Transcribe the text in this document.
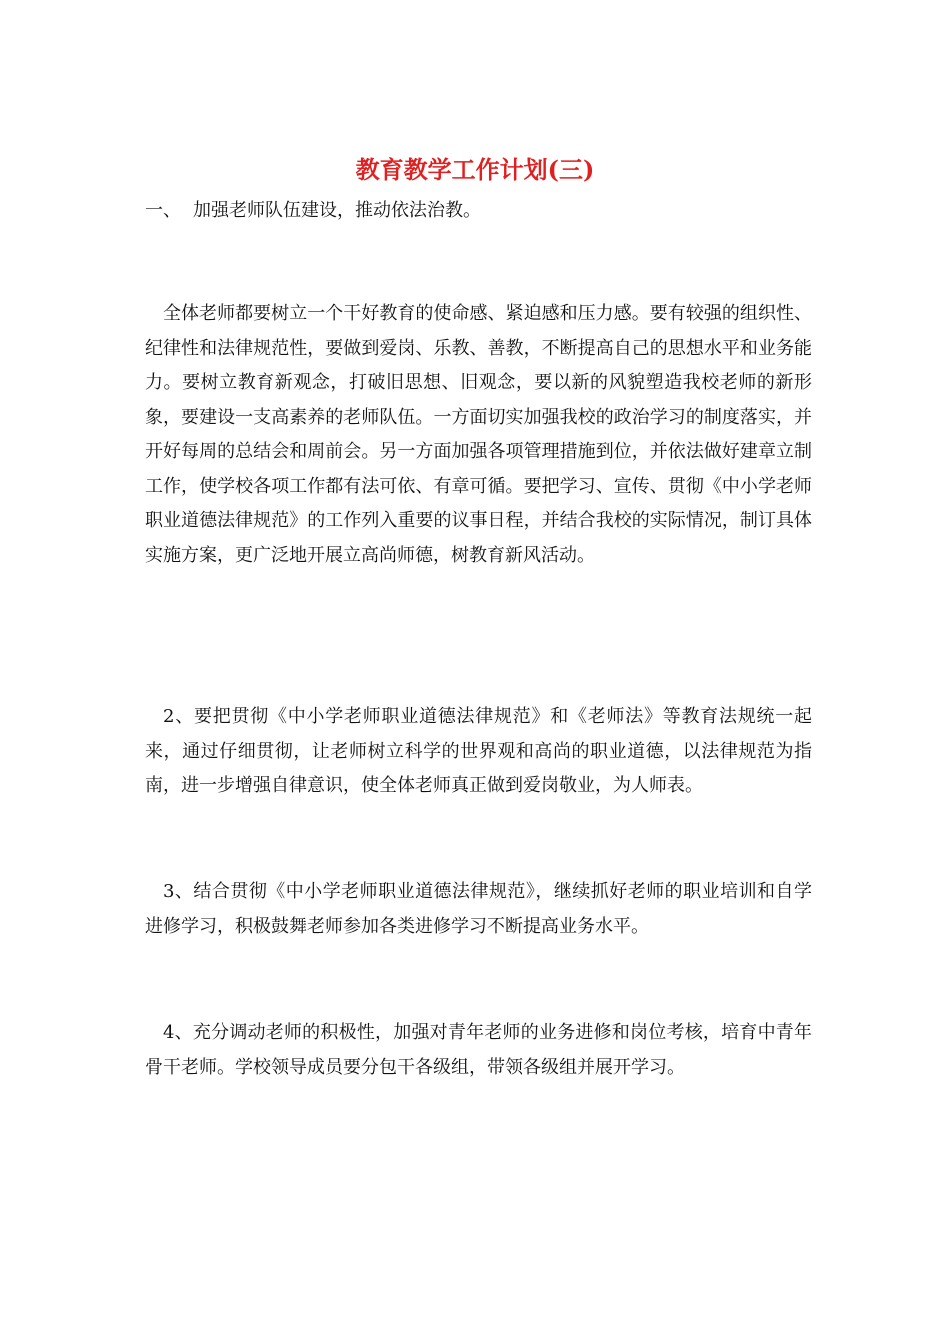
教育教学工作计划(三)

一、 加强老师队伍建设，推动依法治教。

全体老师都要树立一个干好教育的使命感、紧迫感和压力感。要有较强的组织性、纪律性和法律规范性，要做到爱岗、乐教、善教，不断提高自己的思想水平和业务能力。要树立教育新观念，打破旧思想、旧观念，要以新的风貌塑造我校老师的新形象，要建设一支高素养的老师队伍。一方面切实加强我校的政治学习的制度落实，并开好每周的总结会和周前会。另一方面加强各项管理措施到位，并依法做好建章立制工作，使学校各项工作都有法可依、有章可循。要把学习、宣传、贯彻《中小学老师职业道德法律规范》的工作列入重要的议事日程，并结合我校的实际情况，制订具体实施方案，更广泛地开展立高尚师德，树教育新风活动。

2、要把贯彻《中小学老师职业道德法律规范》和《老师法》等教育法规统一起来，通过仔细贯彻，让老师树立科学的世界观和高尚的职业道德，以法律规范为指南，进一步增强自律意识，使全体老师真正做到爱岗敬业，为人师表。

3、结合贯彻《中小学老师职业道德法律规范》，继续抓好老师的职业培训和自学进修学习，积极鼓舞老师参加各类进修学习不断提高业务水平。

4、充分调动老师的积极性，加强对青年老师的业务进修和岗位考核，培育中青年骨干老师。学校领导成员要分包干各级组，带领各级组并展开学习。
